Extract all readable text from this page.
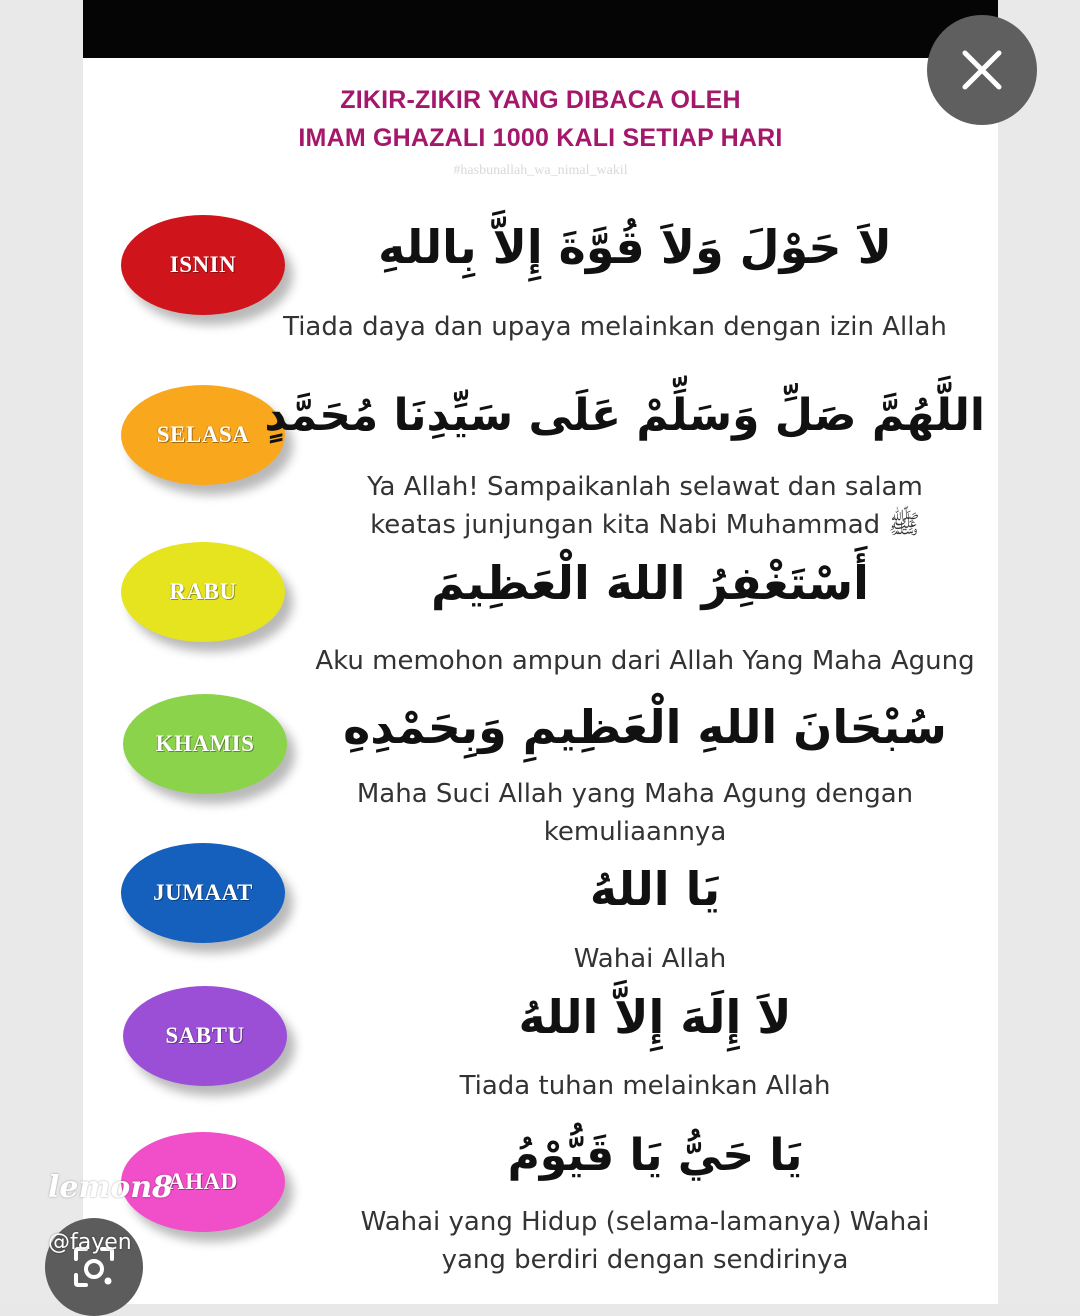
ZIKIR-ZIKIR YANG DIBACA OLEH
IMAM GHAZALI 1000 KALI SETIAP HARI
#hasbunallah_wa_nimal_wakil
ISNIN	لاَ حَوْلَ وَلاَ قُوَّةَ إِلاَّ بِاللهِ
Tiada daya dan upaya melainkan dengan izin Allah
SELASA اللَّهُمَّ صَلِّ وَسَلِّمْ عَلَى سَيِّدِنَا مُحَمَّدٍ
Ya Allah! Sampaikanlah selawat dan salam keatas junjungan kita Nabi Muhammad ﷺ
RABU	أَسْتَغْفِرُ اللهَ الْعَظِيمَ
Aku memohon ampun dari Allah Yang Maha Agung
KHAMIS	سُبْحَانَ اللهِ الْعَظِيمِ وَبِحَمْدِهِ
Maha Suci Allah yang Maha Agung dengan kemuliaannya
JUMAAT	يَا اللهُ
Wahai Allah
SABTU	لاَ إِلَهَ إِلاَّ اللهُ
Tiada tuhan melainkan Allah
AHAD
يَا حَيُّ يَا قَيُّوْمُ
Wahai yang Hidup (selama-lamanya) Wahai yang berdiri dengan sendirinya
lemon8
@fayen
